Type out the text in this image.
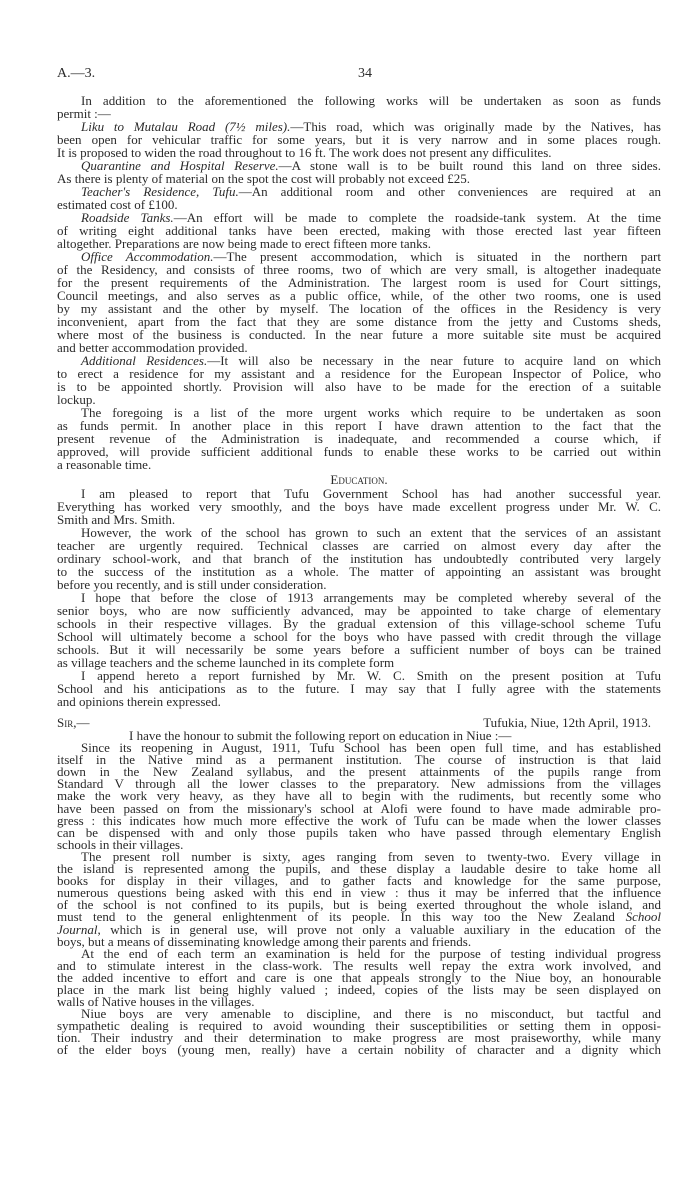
A.—3.	34
In addition to the aforementioned the following works will be undertaken as soon as funds
permit :—
Liku to Mutalau Road (7½ miles).—This road, which was originally made by the Natives, has
been open for vehicular traffic for some years, but it is very narrow and in some places rough.
It is proposed to widen the road throughout to 16 ft. The work does not present any difficulites.
Quarantine and Hospital Reserve.—A stone wall is to be built round this land on three sides.
As there is plenty of material on the spot the cost will probably not exceed £25.
Teacher's Residence, Tufu.—An additional room and other conveniences are required at an
estimated cost of £100.
Roadside Tanks.—An effort will be made to complete the roadside-tank system. At the time
of writing eight additional tanks have been erected, making with those erected last year fifteen
altogether. Preparations are now being made to erect fifteen more tanks.
Office Accommodation.—The present accommodation, which is situated in the northern part
of the Residency, and consists of three rooms, two of which are very small, is altogether inadequate
for the present requirements of the Administration. The largest room is used for Court sittings,
Council meetings, and also serves as a public office, while, of the other two rooms, one is used
by my assistant and the other by myself. The location of the offices in the Residency is very
inconvenient, apart from the fact that they are some distance from the jetty and Customs sheds,
where most of the business is conducted. In the near future a more suitable site must be acquired
and better accommodation provided.
Additional Residences.—It will also be necessary in the near future to acquire land on which
to erect a residence for my assistant and a residence for the European Inspector of Police, who
is to be appointed shortly. Provision will also have to be made for the erection of a suitable
lockup.
The foregoing is a list of the more urgent works which require to be undertaken as soon
as funds permit. In another place in this report I have drawn attention to the fact that the
present revenue of the Administration is inadequate, and recommended a course which, if
approved, will provide sufficient additional funds to enable these works to be carried out within
a reasonable time.
Education.
I am pleased to report that Tufu Government School has had another successful year.
Everything has worked very smoothly, and the boys have made excellent progress under Mr. W. C.
Smith and Mrs. Smith.
However, the work of the school has grown to such an extent that the services of an assistant
teacher are urgently required. Technical classes are carried on almost every day after the
ordinary school-work, and that branch of the institution has undoubtedly contributed very largely
to the success of the institution as a whole. The matter of appointing an assistant was brought
before you recently, and is still under consideration.
I hope that before the close of 1913 arrangements may be completed whereby several of the
senior boys, who are now sufficiently advanced, may be appointed to take charge of elementary
schools in their respective villages. By the gradual extension of this village-school scheme Tufu
School will ultimately become a school for the boys who have passed with credit through the village
schools. But it will necessarily be some years before a sufficient number of boys can be trained
as village teachers and the scheme launched in its complete form
I append hereto a report furnished by Mr. W. C. Smith on the present position at Tufu
School and his anticipations as to the future. I may say that I fully agree with the statements
and opinions therein expressed.
Sir,—	Tufukia, Niue, 12th April, 1913.
I have the honour to submit the following report on education in Niue :—
Since its reopening in August, 1911, Tufu School has been open full time, and has established
itself in the Native mind as a permanent institution. The course of instruction is that laid
down in the New Zealand syllabus, and the present attainments of the pupils range from
Standard V through all the lower classes to the preparatory. New admissions from the villages
make the work very heavy, as they have all to begin with the rudiments, but recently some who
have been passed on from the missionary's school at Alofi were found to have made admirable pro-
gress : this indicates how much more effective the work of Tufu can be made when the lower classes
can be dispensed with and only those pupils taken who have passed through elementary English
schools in their villages.
The present roll number is sixty, ages ranging from seven to twenty-two. Every village in
the island is represented among the pupils, and these display a laudable desire to take home all
books for display in their villages, and to gather facts and knowledge for the same purpose,
numerous questions being asked with this end in view : thus it may be inferred that the influence
of the school is not confined to its pupils, but is being exerted throughout the whole island, and
must tend to the general enlightenment of its people. In this way too the New Zealand School
Journal, which is in general use, will prove not only a valuable auxiliary in the education of the
boys, but a means of disseminating knowledge among their parents and friends.
At the end of each term an examination is held for the purpose of testing individual progress
and to stimulate interest in the class-work. The results well repay the extra work involved, and
the added incentive to effort and care is one that appeals strongly to the Niue boy, an honourable
place in the mark list being highly valued ; indeed, copies of the lists may be seen displayed on
walls of Native houses in the villages.
Niue boys are very amenable to discipline, and there is no misconduct, but tactful and
sympathetic dealing is required to avoid wounding their susceptibilities or setting them in opposi-
tion. Their industry and their determination to make progress are most praiseworthy, while many
of the elder boys (young men, really) have a certain nobility of character and a dignity which
